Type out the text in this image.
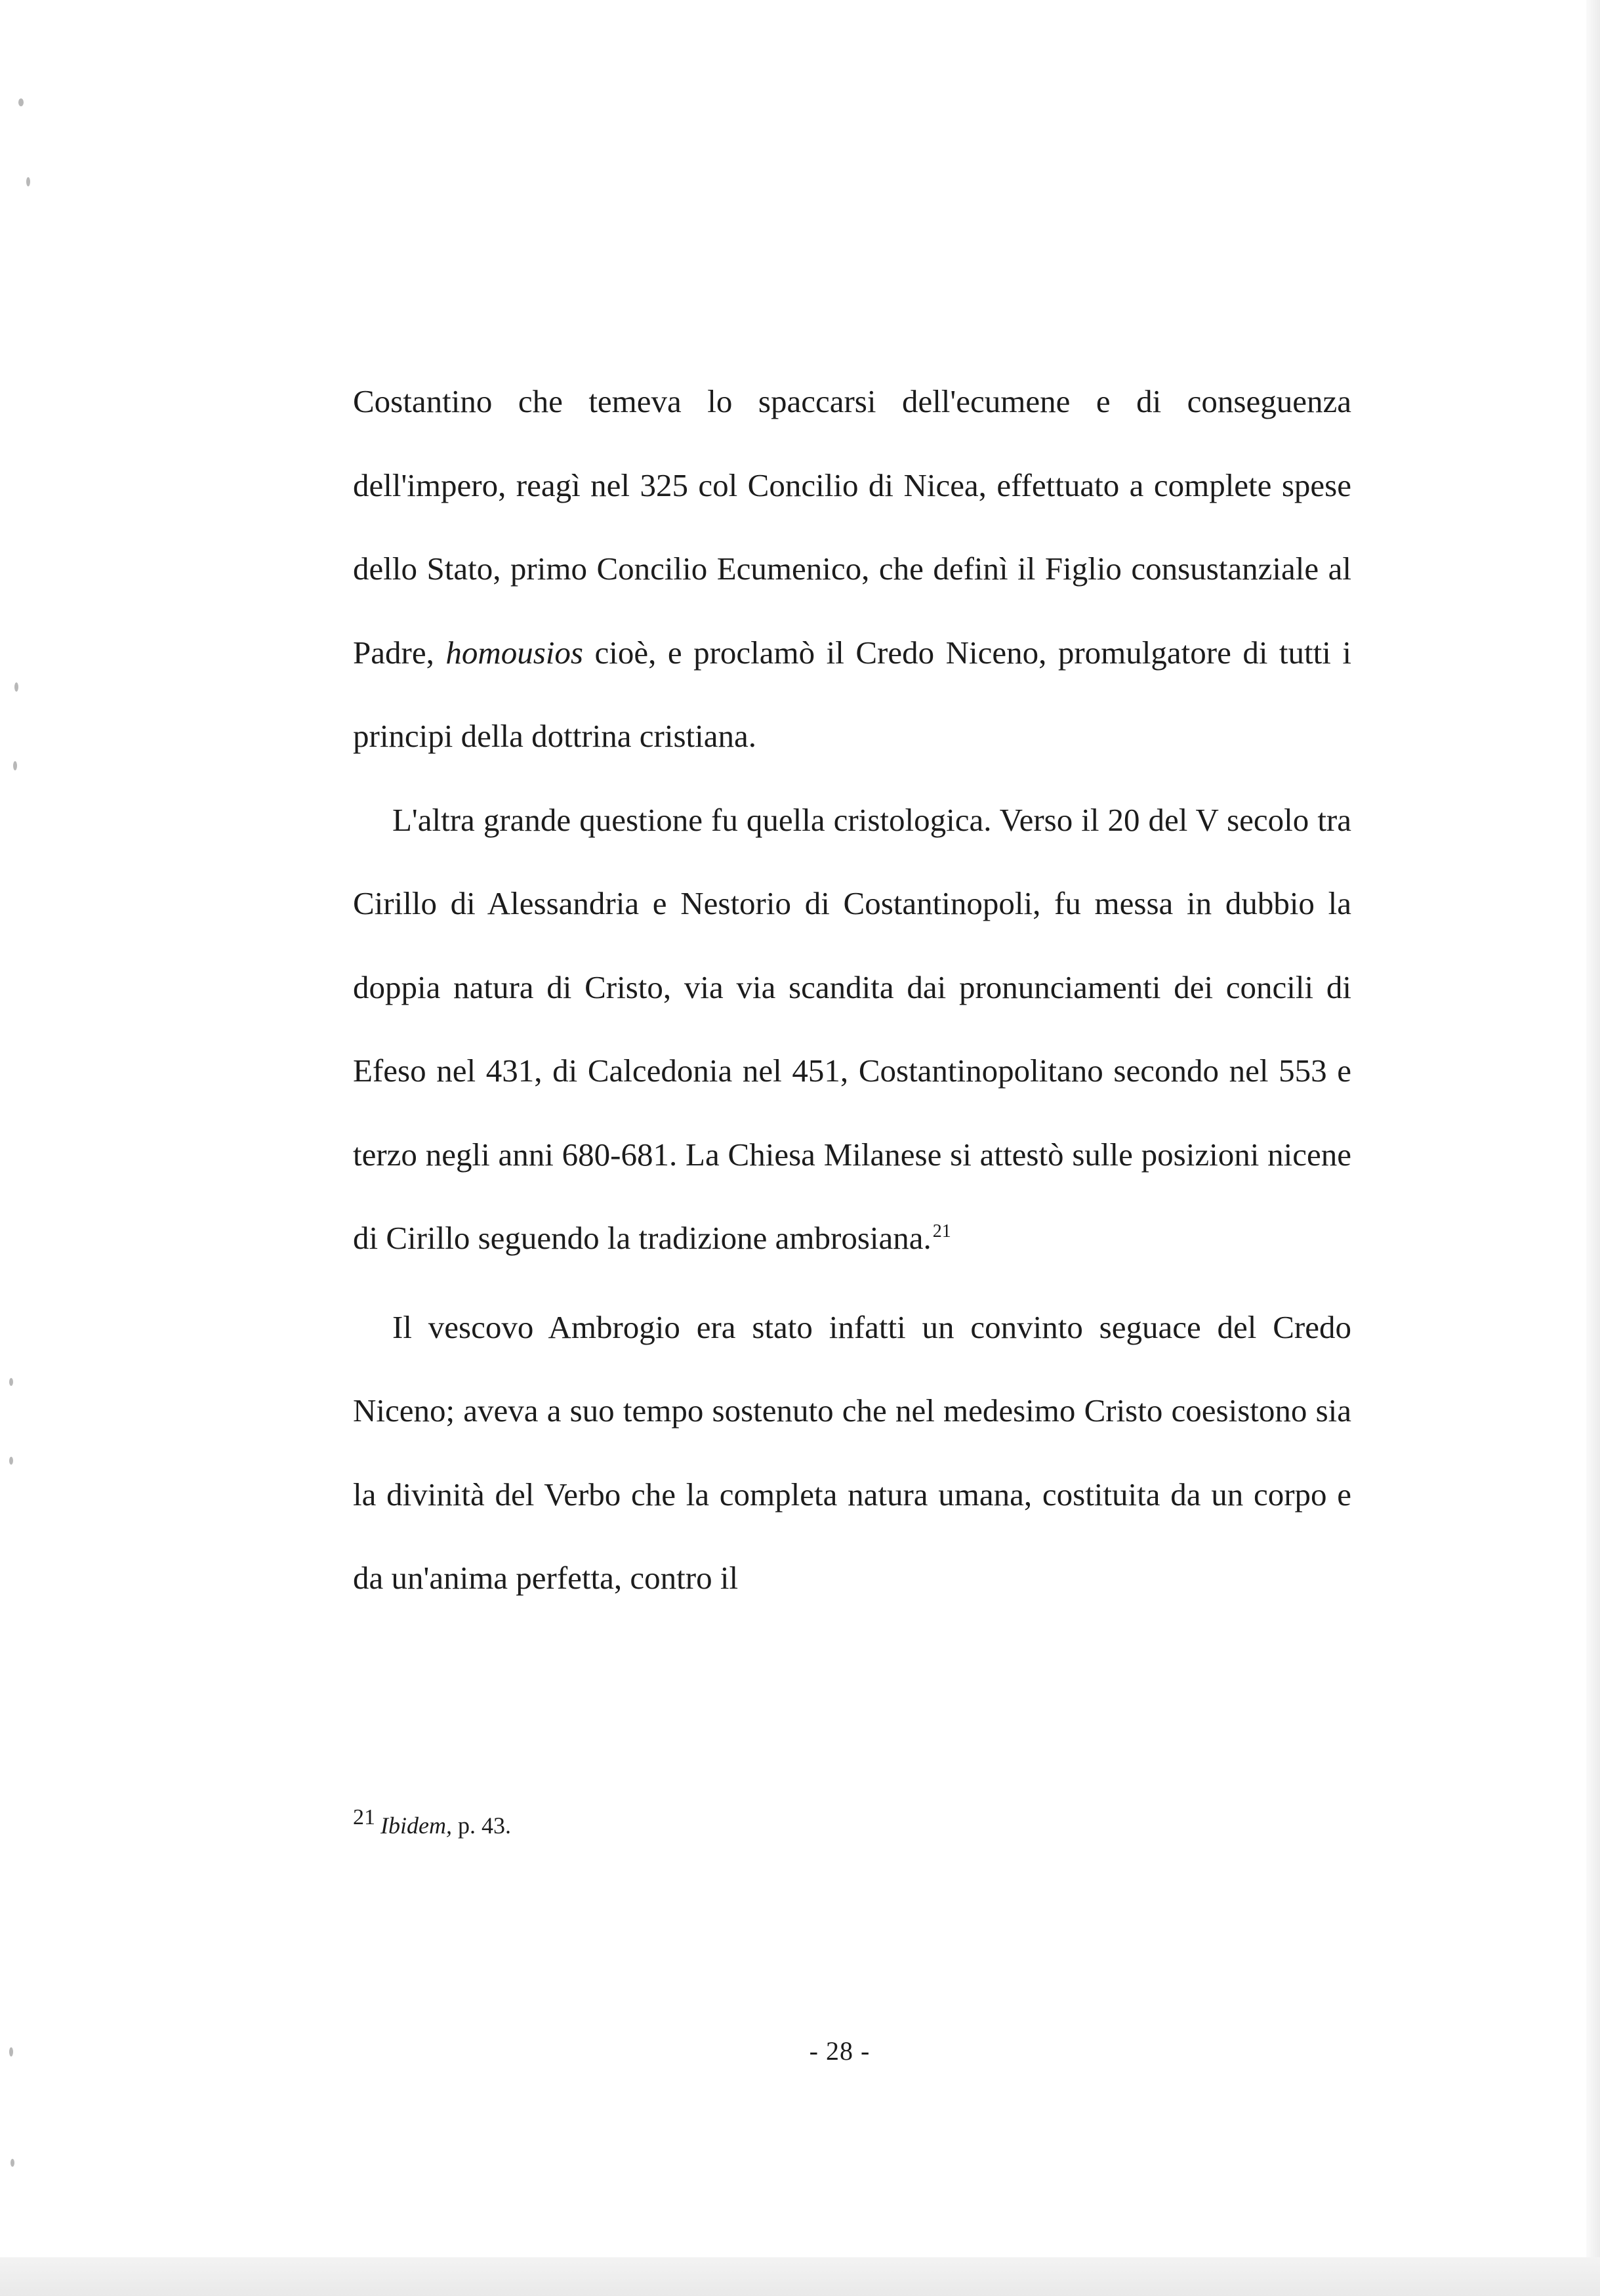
Costantino che temeva lo spaccarsi dell'ecumene e di conseguenza dell'impero, reagì nel 325 col Concilio di Nicea, effettuato a complete spese dello Stato, primo Concilio Ecumenico, che definì il Figlio consustanziale al Padre, homousios cioè, e proclamò il Credo Niceno, promulgatore di tutti i principi della dottrina cristiana.

L'altra grande questione fu quella cristologica. Verso il 20 del V secolo tra Cirillo di Alessandria e Nestorio di Costantinopoli, fu messa in dubbio la doppia natura di Cristo, via via scandita dai pronunciamenti dei concili di Efeso nel 431, di Calcedonia nel 451, Costantinopolitano secondo nel 553 e terzo negli anni 680-681. La Chiesa Milanese si attestò sulle posizioni nicene di Cirillo seguendo la tradizione ambrosiana.$^{21}$

Il vescovo Ambrogio era stato infatti un convinto seguace del Credo Niceno; aveva a suo tempo sostenuto che nel medesimo Cristo coesistono sia la divinità del Verbo che la completa natura umana, costituita da un corpo e da un'anima perfetta, contro il

- 28 -
21 Ibidem, p. 43.
